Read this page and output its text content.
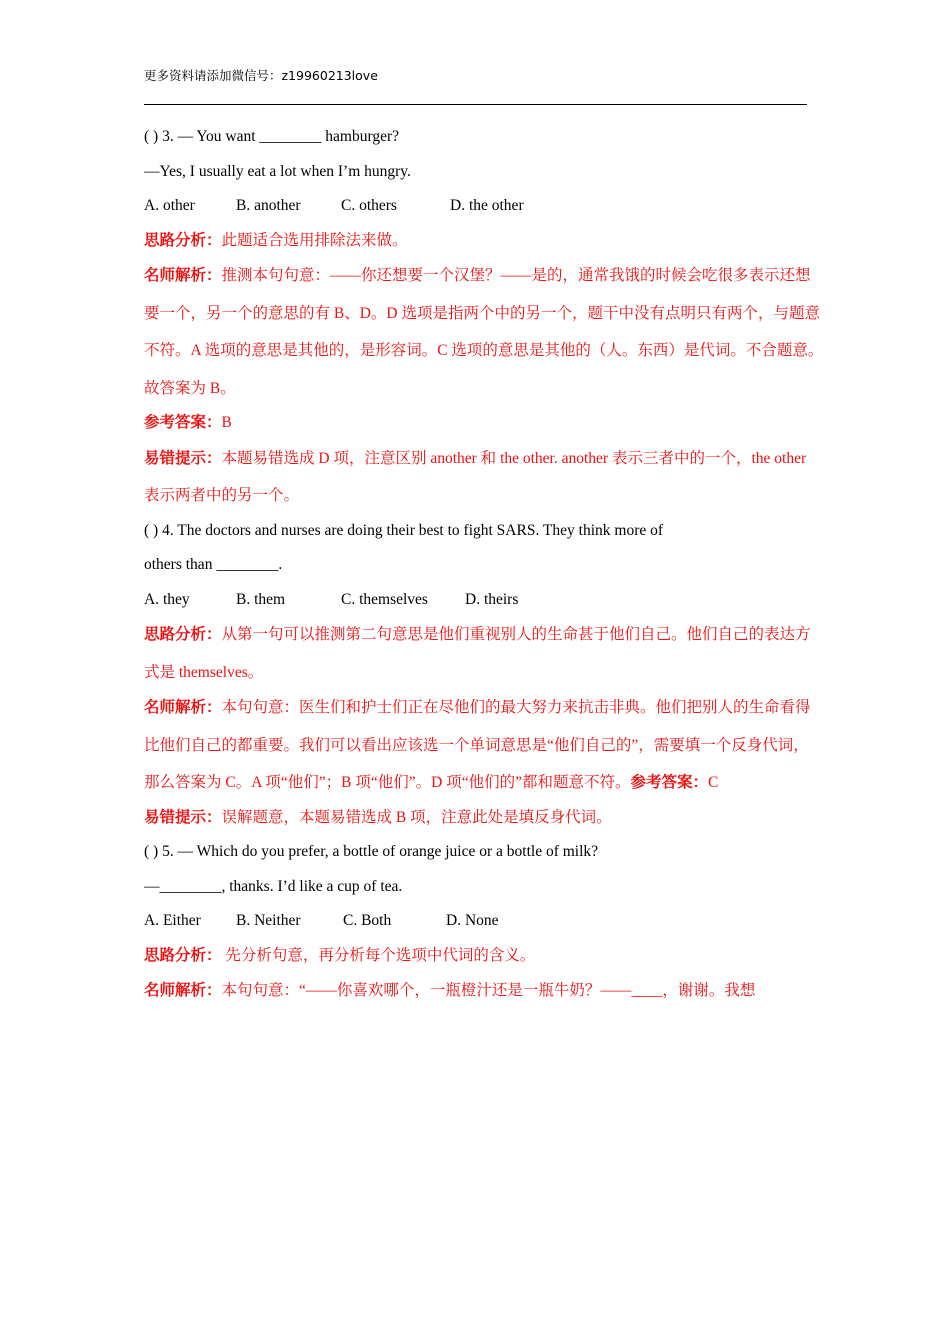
更多资料请添加微信号：z19960213love
( ) 3. — You want ________ hamburger?
—Yes, I usually eat a lot when I’m hungry.
A. other	B. another	C. others	D. the other
思路分析：此题适合选用排除法来做。
名师解析：推测本句句意：——你还想要一个汉堡？——是的，通常我饿的时候会吃很多表示还想要一个，另一个的意思的有 B、D。D 选项是指两个中的另一个，题干中没有点明只有两个，与题意不符。A 选项的意思是其他的，是形容词。C 选项的意思是其他的（人。东西）是代词。不合题意。故答案为 B。
参考答案：B
易错提示：本题易错选成 D 项，注意区别 another 和 the other. another 表示三者中的一个，the other 表示两者中的另一个。
( ) 4. The doctors and nurses are doing their best to fight SARS. They think more of
others than ________.
A. they	B. them	C. themselves D. theirs
思路分析：从第一句可以推测第二句意思是他们重视别人的生命甚于他们自己。他们自己的表达方式是 themselves。
名师解析：本句句意：医生们和护士们正在尽他们的最大努力来抗击非典。他们把别人的生命看得比他们自己的都重要。我们可以看出应该选一个单词意思是“他们自己的”，需要填一个反身代词，那么答案为 C。A 项“他们”；B 项“他们”。D 项“他们的”都和题意不符。参考答案：C
易错提示：误解题意，本题易错选成 B 项，注意此处是填反身代词。
( ) 5. — Which do you prefer, a bottle of orange juice or a bottle of milk?
—________, thanks. I’d like a cup of tea.
A. Either B. Neither	C. Both	D. None
思路分析： 先分析句意，再分析每个选项中代词的含义。
名师解析：本句句意：“——你喜欢哪个，一瓶橙汁还是一瓶牛奶？——____，谢谢。我想
